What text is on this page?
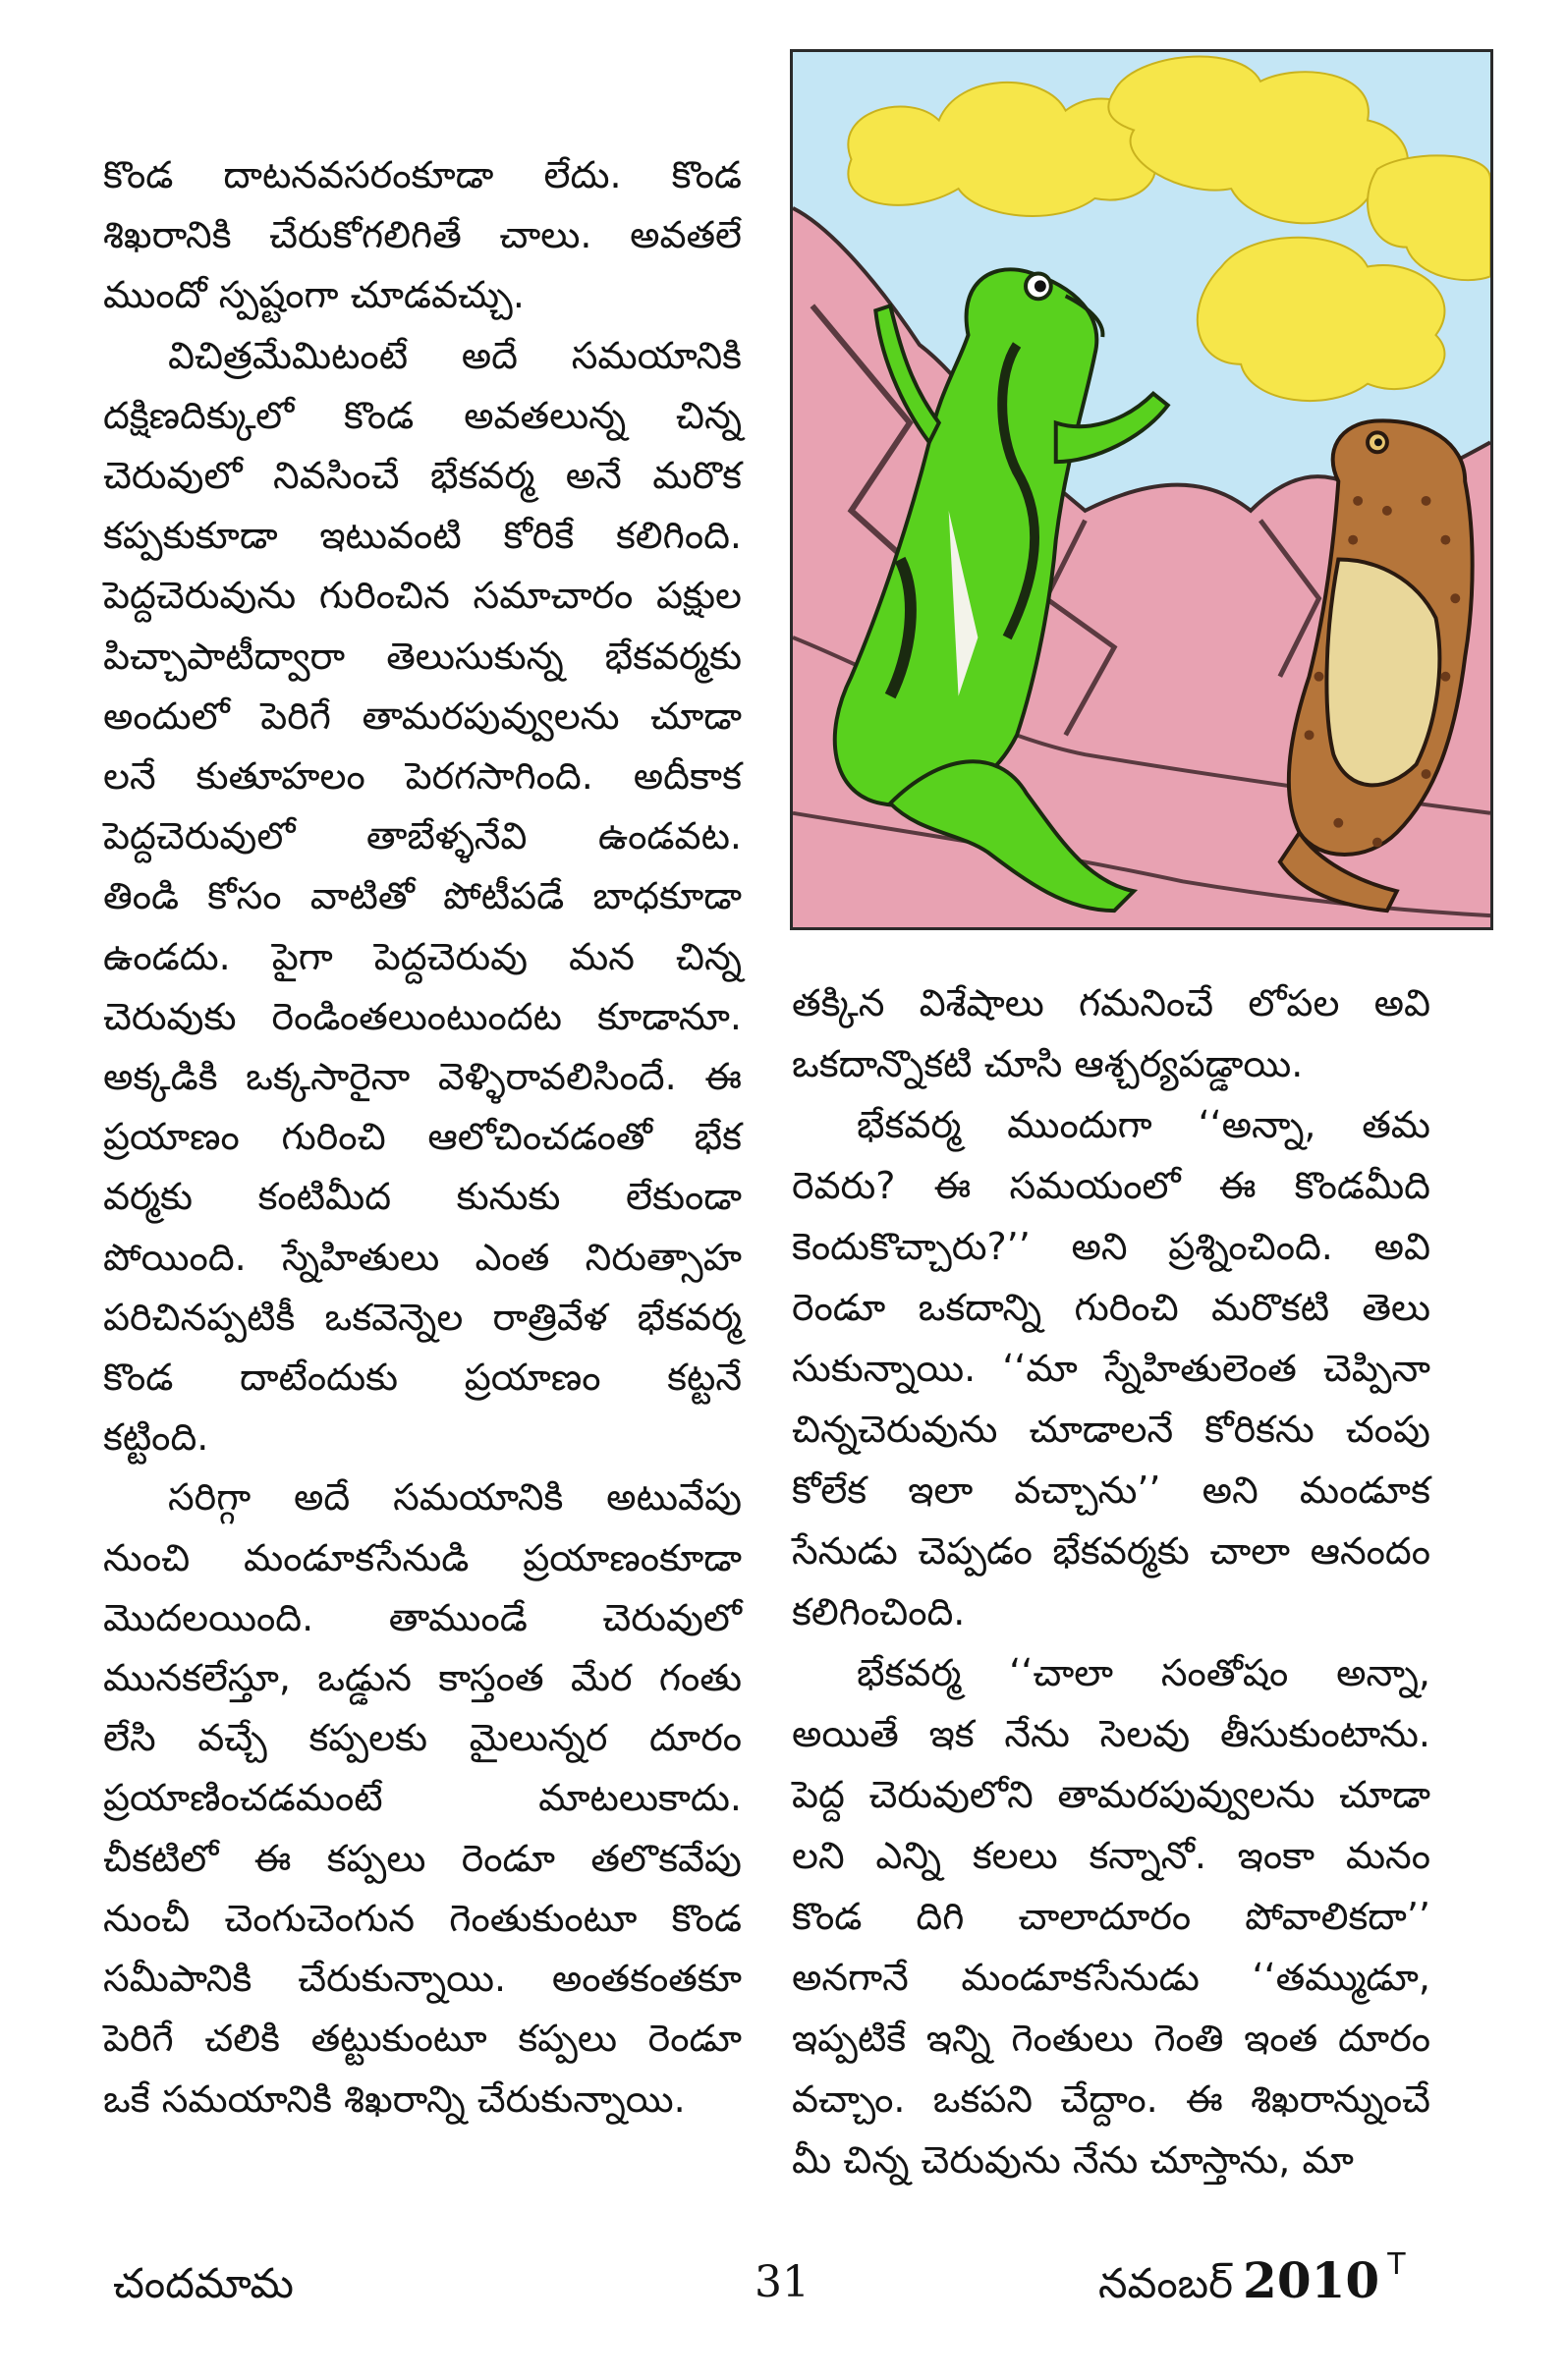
కొండ దాటనవసరంకూడా లేదు. కొండ

శిఖరానికి చేరుకోగలిగితే చాలు. అవతలే

ముందో స్పష్టంగా చూడవచ్చు.

విచిత్రమేమిటంటే అదే సమయానికి

దక్షిణదిక్కులో కొండ అవతలున్న చిన్న

చెరువులో నివసించే భేకవర్మ అనే మరొక

కప్పకుకూడా ఇటువంటి కోరికే కలిగింది.

పెద్దచెరువును గురించిన సమాచారం పక్షుల

పిచ్చాపాటీద్వారా తెలుసుకున్న భేకవర్మకు

అందులో పెరిగే తామరపువ్వులను చూడా

లనే కుతూహలం పెరగసాగింది. అదీకాక

పెద్దచెరువులో తాబేళ్ళనేవి ఉండవట.

తిండి కోసం వాటితో పోటీపడే బాధకూడా

ఉండదు. పైగా పెద్దచెరువు మన చిన్న

చెరువుకు రెండింతలుంటుందట కూడానూ.

అక్కడికి ఒక్కసారైనా వెళ్ళిరావలిసిందే. ఈ

ప్రయాణం గురించి ఆలోచించడంతో భేక

వర్మకు కంటిమీద కునుకు లేకుండా

పోయింది. స్నేహితులు ఎంత నిరుత్సాహ

పరిచినప్పటికీ ఒకవెన్నెల రాత్రివేళ భేకవర్మ

కొండ దాటేందుకు ప్రయాణం కట్టనే

కట్టింది.

సరిగ్గా అదే సమయానికి అటువేపు

నుంచి మండూకసేనుడి ప్రయాణంకూడా

మొదలయింది. తాముండే చెరువులో

మునకలేస్తూ, ఒడ్డున కాస్తంత మేర గంతు

లేసి వచ్చే కప్పలకు మైలున్నర దూరం

ప్రయాణించడమంటే మాటలుకాదు.

చీకటిలో ఈ కప్పలు రెండూ తలొకవేపు

నుంచీ చెంగుచెంగున గెంతుకుంటూ కొండ

సమీపానికి చేరుకున్నాయి. అంతకంతకూ

పెరిగే చలికి తట్టుకుంటూ కప్పలు రెండూ

ఒకే సమయానికి శిఖరాన్ని చేరుకున్నాయి.

తక్కిన విశేషాలు గమనించే లోపల అవి

ఒకదాన్నొకటి చూసి ఆశ్చర్యపడ్డాయి.

భేకవర్మ ముందుగా ‘‘అన్నా, తమ

రెవరు? ఈ సమయంలో ఈ కొండమీది

కెందుకొచ్చారు?’’ అని ప్రశ్నించింది. అవి

రెండూ ఒకదాన్ని గురించి మరొకటి తెలు

సుకున్నాయి. ‘‘మా స్నేహితులెంత చెప్పినా

చిన్నచెరువును చూడాలనే కోరికను చంపు

కోలేక ఇలా వచ్చాను’’ అని మండూక

సేనుడు చెప్పడం భేకవర్మకు చాలా ఆనందం

కలిగించింది.

భేకవర్మ ‘‘చాలా సంతోషం అన్నా,

అయితే ఇక నేను సెలవు తీసుకుంటాను.

పెద్ద చెరువులోని తామరపువ్వులను చూడా

లని ఎన్ని కలలు కన్నానో. ఇంకా మనం

కొండ దిగి చాలాదూరం పోవాలికదా’’

అనగానే మండూకసేనుడు ‘‘తమ్ముడూ,

ఇప్పటికే ఇన్ని గెంతులు గెంతి ఇంత దూరం

వచ్చాం. ఒకపని చేద్దాం. ఈ శిఖరాన్నుంచే

మీ చిన్న చెరువును నేను చూస్తాను, మా

చందమామ	31	నవంబర్ 2010 T
